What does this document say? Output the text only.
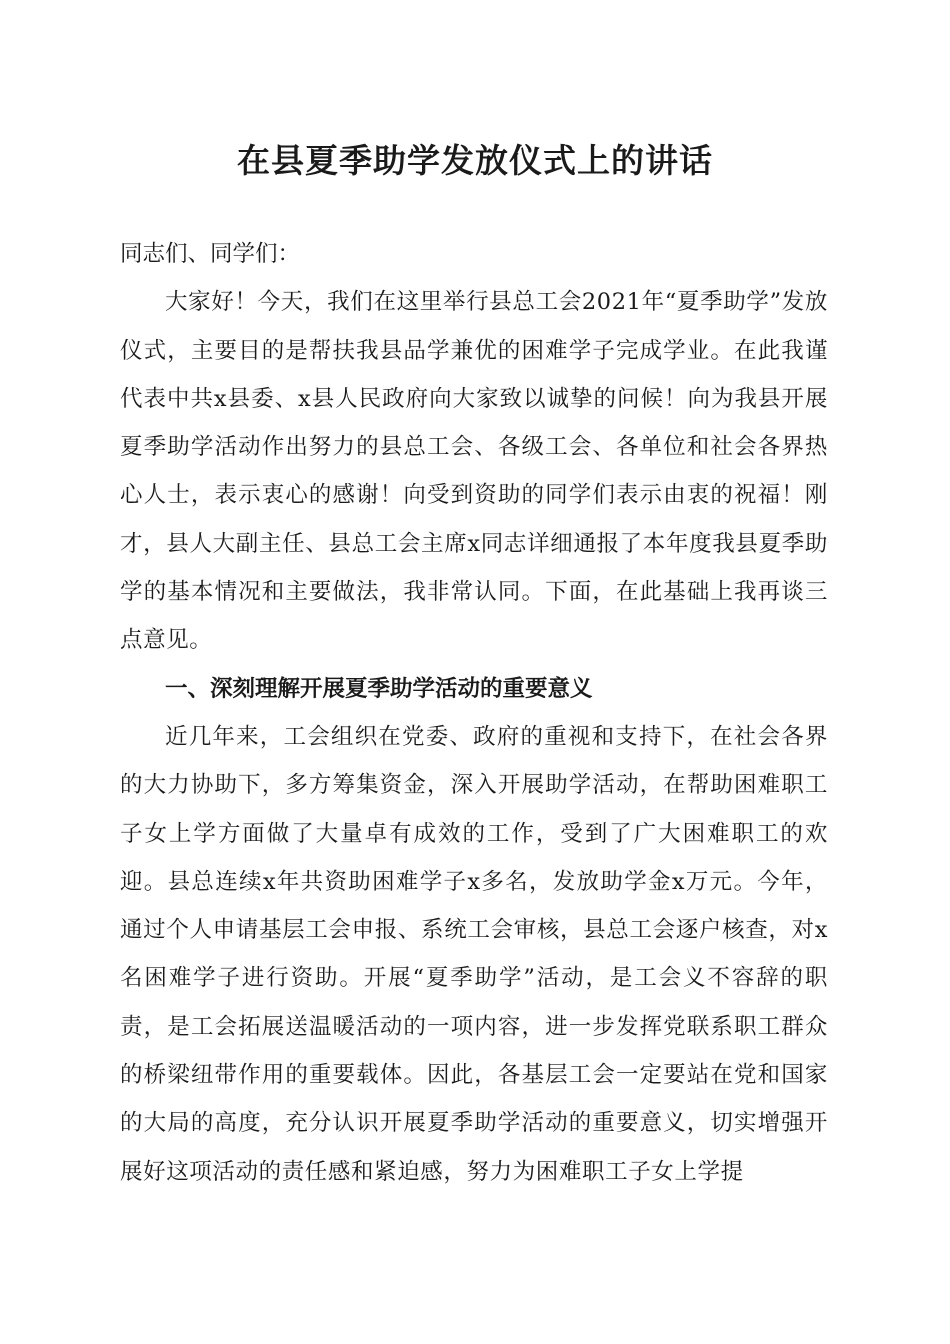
在县夏季助学发放仪式上的讲话

同志们、同学们：

大家好！今天，我们在这里举行县总工会2021年“夏季助学”发放仪式，主要目的是帮扶我县品学兼优的困难学子完成学业。在此我谨代表中共x县委、x县人民政府向大家致以诚挚的问候！向为我县开展夏季助学活动作出努力的县总工会、各级工会、各单位和社会各界热心人士，表示衷心的感谢！向受到资助的同学们表示由衷的祝福！刚才，县人大副主任、县总工会主席x同志详细通报了本年度我县夏季助学的基本情况和主要做法，我非常认同。下面，在此基础上我再谈三点意见。

一、深刻理解开展夏季助学活动的重要意义

近几年来，工会组织在党委、政府的重视和支持下，在社会各界的大力协助下，多方筹集资金，深入开展助学活动，在帮助困难职工子女上学方面做了大量卓有成效的工作，受到了广大困难职工的欢迎。县总连续x年共资助困难学子x多名，发放助学金x万元。今年，通过个人申请基层工会申报、系统工会审核，县总工会逐户核查，对x名困难学子进行资助。开展“夏季助学”活动，是工会义不容辞的职责，是工会拓展送温暖活动的一项内容，进一步发挥党联系职工群众的桥梁纽带作用的重要载体。因此，各基层工会一定要站在党和国家的大局的高度，充分认识开展夏季助学活动的重要意义，切实增强开展好这项活动的责任感和紧迫感，努力为困难职工子女上学提
